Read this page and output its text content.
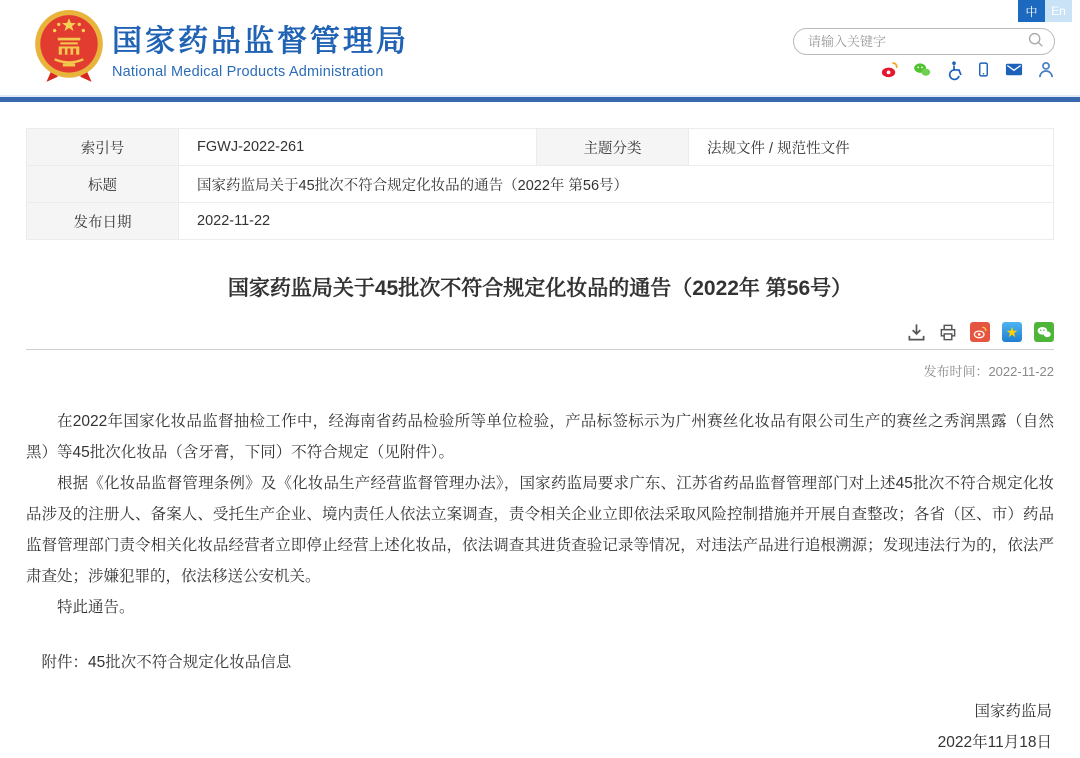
国家药品监督管理局
National Medical Products Administration
中	En
请输入关键字
索引号	FGWJ-2022-261	主题分类	法规文件 / 规范性文件
标题	国家药监局关于45批次不符合规定化妆品的通告（2022年 第56号）		
发布日期	2022-11-22		
国家药监局关于45批次不符合规定化妆品的通告（2022年 第56号）
★
发布时间：2022-11-22

在2022年国家化妆品监督抽检工作中，经海南省药品检验所等单位检验，产品标签标示为广州赛丝化妆品有限公司生产的赛丝之秀润黑露（自然黑）等45批次化妆品（含牙膏，下同）不符合规定（见附件）。

根据《化妆品监督管理条例》及《化妆品生产经营监督管理办法》，国家药监局要求广东、江苏省药品监督管理部门对上述45批次不符合规定化妆品涉及的注册人、备案人、受托生产企业、境内责任人依法立案调查，责令相关企业立即依法采取风险控制措施并开展自查整改；各省（区、市）药品监督管理部门责令相关化妆品经营者立即停止经营上述化妆品，依法调查其进货查验记录等情况，对违法产品进行追根溯源；发现违法行为的，依法严肃查处；涉嫌犯罪的，依法移送公安机关。

特此通告。

附件：45批次不符合规定化妆品信息
国家药监局
2022年11月18日
